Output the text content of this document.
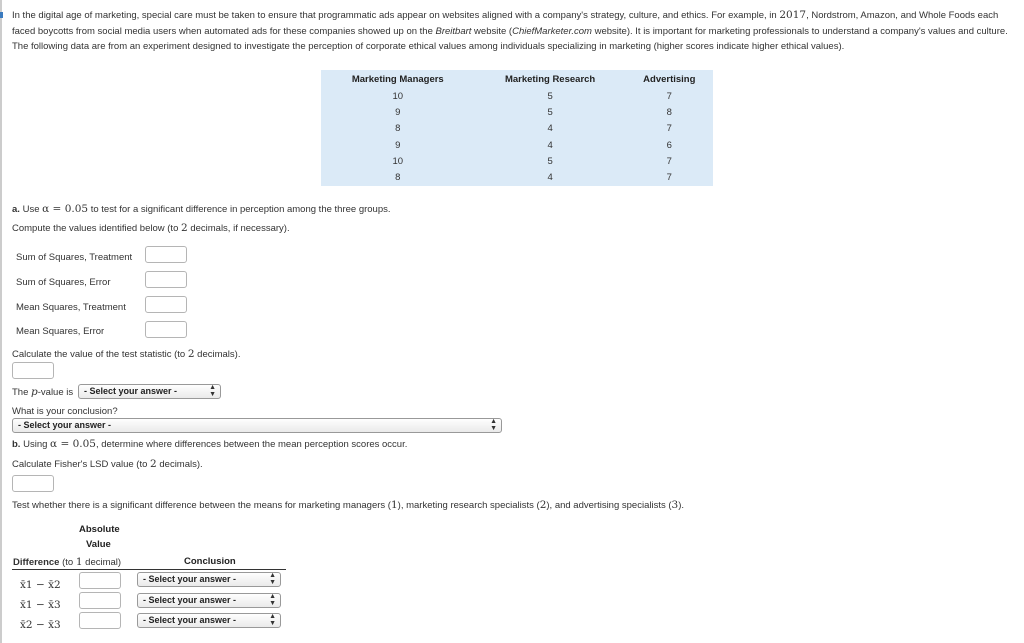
In the digital age of marketing, special care must be taken to ensure that programmatic ads appear on websites aligned with a company's strategy, culture, and ethics. For example, in 2017, Nordstrom, Amazon, and Whole Foods each faced boycotts from social media users when automated ads for these companies showed up on the Breitbart website (ChiefMarketer.com website). It is important for marketing professionals to understand a company's values and culture. The following data are from an experiment designed to investigate the perception of corporate ethical values among individuals specializing in marketing (higher scores indicate higher ethical values).
Marketing Managers	Marketing Research	Advertising
10	5	7
9	5	8
8	4	7
9	4	6
10	5	7
8	4	7
a. Use α = 0.05 to test for a significant difference in perception among the three groups.
Compute the values identified below (to 2 decimals, if necessary).
Sum of Squares, Treatment
Sum of Squares, Error
Mean Squares, Treatment
Mean Squares, Error
Calculate the value of the test statistic (to 2 decimals).
The p-value is	- Select your answer -	▲
▼
What is your conclusion?
- Select your answer -	▲
▼
b. Using α = 0.05, determine where differences between the mean perception scores occur.
Calculate Fisher's LSD value (to 2 decimals).
Test whether there is a significant difference between the means for marketing managers (1), marketing research specialists (2), and advertising specialists (3).
Absolute
Value
Difference (to 1 decimal)	Conclusion
x̄1 − x̄2	- Select your answer -	▲
▼
x̄1 − x̄3	- Select your answer -	▲
▼
x̄2 − x̄3	- Select your answer -	▲
▼
